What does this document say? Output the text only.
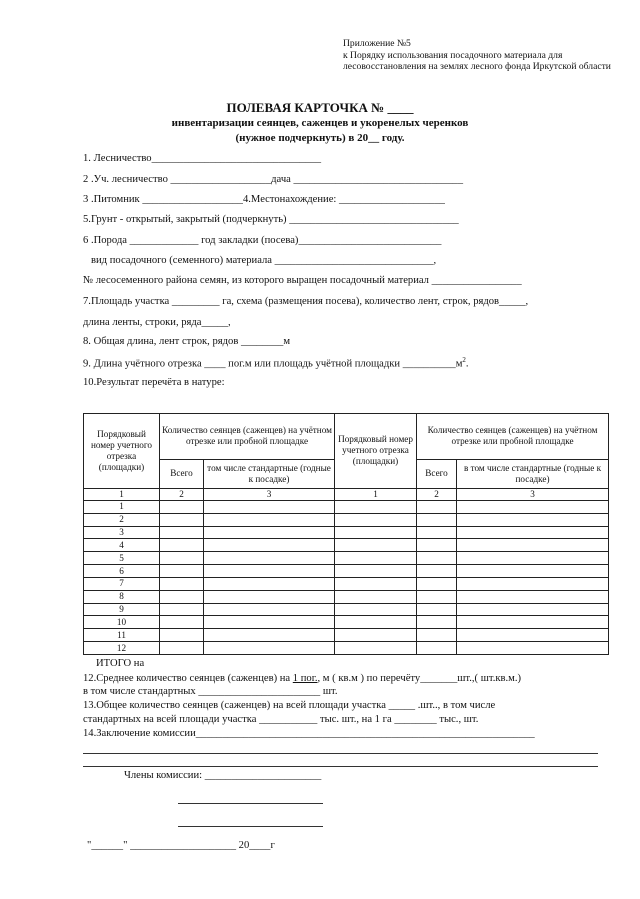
Приложение №5
к Порядку использования посадочного материала для лесовосстановления на землях лесного фонда Иркутской области
ПОЛЕВАЯ КАРТОЧКА № ____
инвентаризации сеянцев, саженцев и укоренелых черенков
(нужное подчеркнуть) в 20__ году.
1. Лесничество________________________________
2 .Уч. лесничество ___________________дача ________________________________
3 .Питомник ___________________4.Местонахождение: ____________________
5.Грунт - открытый, закрытый (подчеркнуть) ________________________________
6 .Порода _____________ год закладки (посева)___________________________
вид посадочного (семенного) материала ______________________________,
№ лесосеменного района семян, из которого выращен посадочный материал _________________
7.Площадь участка _________ га, схема (размещения посева), количество лент, строк, рядов_____,
длина ленты, строки, ряда_____,
8. Общая длина, лент строк, рядов ________м
9. Длина учётного отрезка ____ пог.м или площадь учётной площадки $\_\_\_\_\_\_\_\_\_\_м^2$.
10.Результат перечёта в натуре:
Порядковый номер учетного отрезка (площадки)	Количество сеянцев (саженцев) на учётном отрезке или пробной площадке		Порядковый номер учетного отрезка (площадки)	Количество сеянцев (саженцев) на учётном отрезке или пробной площадке	
	Всего	том числе стандартные (годные к посадке)		Всего	в том числе стандартные (годные к посадке)
1	2	3	1	2	3
1					
2					
3					
4					
5					
6					
7					
8					
9					
10					
11					
12					
ИТОГО на
12.Среднее количество сеянцев (саженцев) на 1 пог., м ( кв.м ) по перечёту_______шт.,( шт.кв.м.)
в том числе стандартных _______________________ шт.
13.Общее количество сеянцев (саженцев) на всей площади участка _____ .шт.., в том числе
стандартных на всей площади участка ___________ тыс. шт., на 1 га ________ тыс., шт.
14.Заключение комиссии________________________________________________________________
Члены комиссии: ______________________
"______" ____________________ 20____г
